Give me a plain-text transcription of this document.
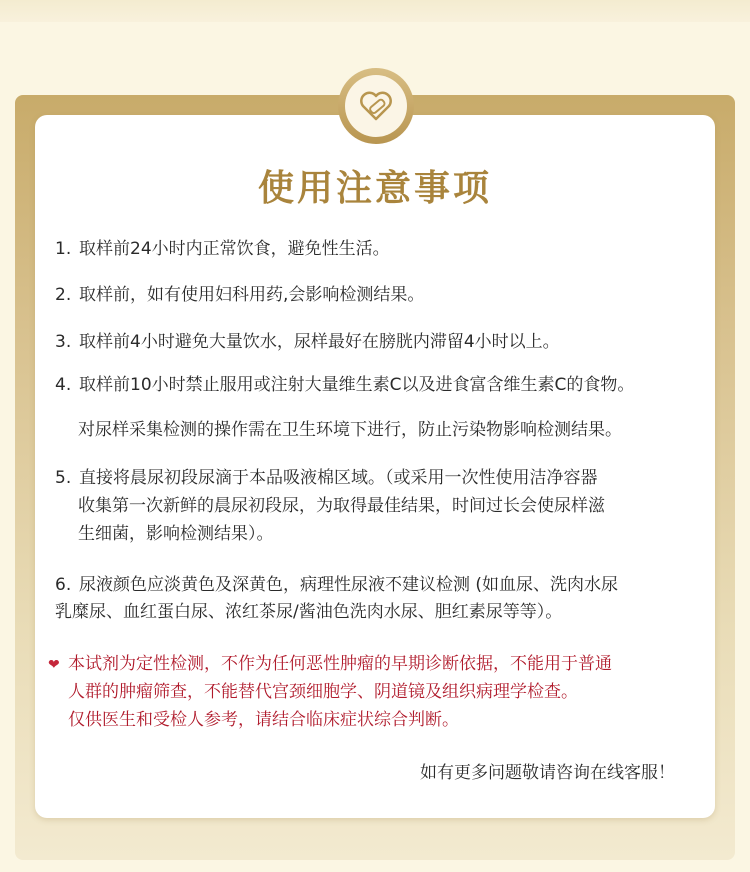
使用注意事项
1. 取样前24小时内正常饮食，避免性生活。
2. 取样前，如有使用妇科用药,会影响检测结果。
3. 取样前4小时避免大量饮水，尿样最好在膀胱内滞留4小时以上。
4. 取样前10小时禁止服用或注射大量维生素C以及进食富含维生素C的食物。
对尿样采集检测的操作需在卫生环境下进行，防止污染物影响检测结果。
5. 直接将晨尿初段尿滴于本品吸液棉区域。（或采用一次性使用洁净容器
收集第一次新鲜的晨尿初段尿，为取得最佳结果，时间过长会使尿样滋
生细菌，影响检测结果）。
6. 尿液颜色应淡黄色及深黄色，病理性尿液不建议检测 (如血尿、洗肉水尿
乳糜尿、血红蛋白尿、浓红茶尿/酱油色洗肉水尿、胆红素尿等等）。
❤ 本试剂为定性检测，不作为任何恶性肿瘤的早期诊断依据，不能用于普通
人群的肿瘤筛查，不能替代宫颈细胞学、阴道镜及组织病理学检查。
仅供医生和受检人参考，请结合临床症状综合判断。
如有更多问题敬请咨询在线客服！
